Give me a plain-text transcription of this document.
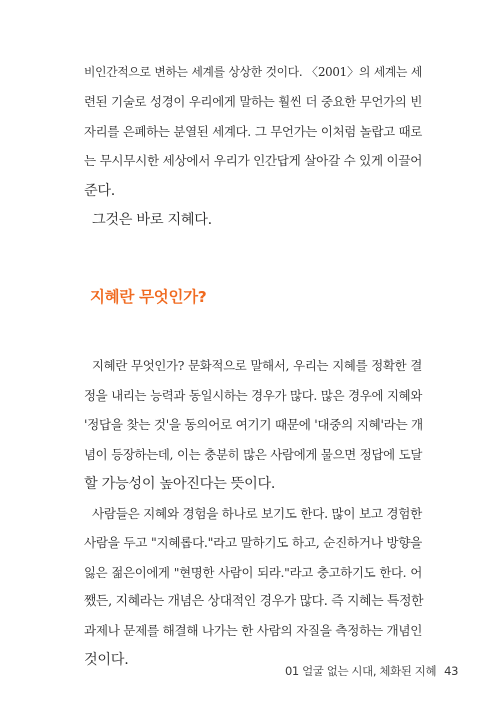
비인간적으로 변하는 세계를 상상한 것이다. 〈2001〉의 세계는 세
련된 기술로 성경이 우리에게 말하는 훨씬 더 중요한 무언가의 빈
자리를 은폐하는 분열된 세계다. 그 무언가는 이처럼 놀랍고 때로
는 무시무시한 세상에서 우리가 인간답게 살아갈 수 있게 이끌어
준다.
그것은 바로 지혜다.
지혜란 무엇인가?
지혜란 무엇인가? 문화적으로 말해서, 우리는 지혜를 정확한 결
정을 내리는 능력과 동일시하는 경우가 많다. 많은 경우에 지혜와
'정답을 찾는 것'을 동의어로 여기기 때문에 '대중의 지혜'라는 개
념이 등장하는데, 이는 충분히 많은 사람에게 물으면 정답에 도달
할 가능성이 높아진다는 뜻이다.
사람들은 지혜와 경험을 하나로 보기도 한다. 많이 보고 경험한
사람을 두고 "지혜롭다."라고 말하기도 하고, 순진하거나 방향을
잃은 젊은이에게 "현명한 사람이 되라."라고 충고하기도 한다. 어
쨌든, 지혜라는 개념은 상대적인 경우가 많다. 즉 지혜는 특정한
과제나 문제를 해결해 나가는 한 사람의 자질을 측정하는 개념인
것이다.
01 얼굴 없는 시대, 체화된 지혜 43
